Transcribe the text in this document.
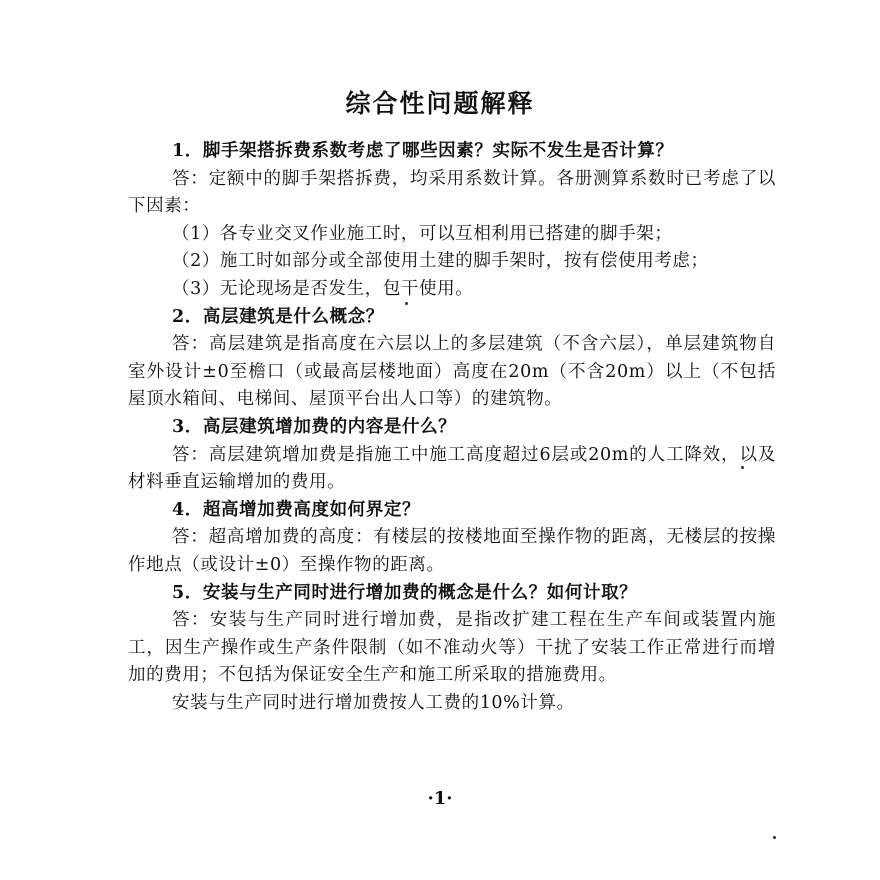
综合性问题解释

1．脚手架搭拆费系数考虑了哪些因素？实际不发生是否计算？

答：定额中的脚手架搭拆费，均采用系数计算。各册测算系数时已考虑了以下因素：

（1）各专业交叉作业施工时，可以互相利用已搭建的脚手架；

（2）施工时如部分或全部使用土建的脚手架时，按有偿使用考虑；

（3）无论现场是否发生，包干使用。

2．高层建筑是什么概念？

答：高层建筑是指高度在六层以上的多层建筑（不含六层），单层建筑物自室外设计±0至檐口（或最高层楼地面）高度在20m（不含20m）以上（不包括屋顶水箱间、电梯间、屋顶平台出人口等）的建筑物。

3．高层建筑增加费的内容是什么？

答：高层建筑增加费是指施工中施工高度超过6层或20m的人工降效，以及材料垂直运输增加的费用。

4．超高增加费高度如何界定？

答：超高增加费的高度：有楼层的按楼地面至操作物的距离，无楼层的按操作地点（或设计±0）至操作物的距离。

5．安装与生产同时进行增加费的概念是什么？如何计取？

答：安装与生产同时进行增加费，是指改扩建工程在生产车间或装置内施工，因生产操作或生产条件限制（如不准动火等）干扰了安装工作正常进行而增加的费用；不包括为保证安全生产和施工所采取的措施费用。

安装与生产同时进行增加费按人工费的10%计算。

·1·
